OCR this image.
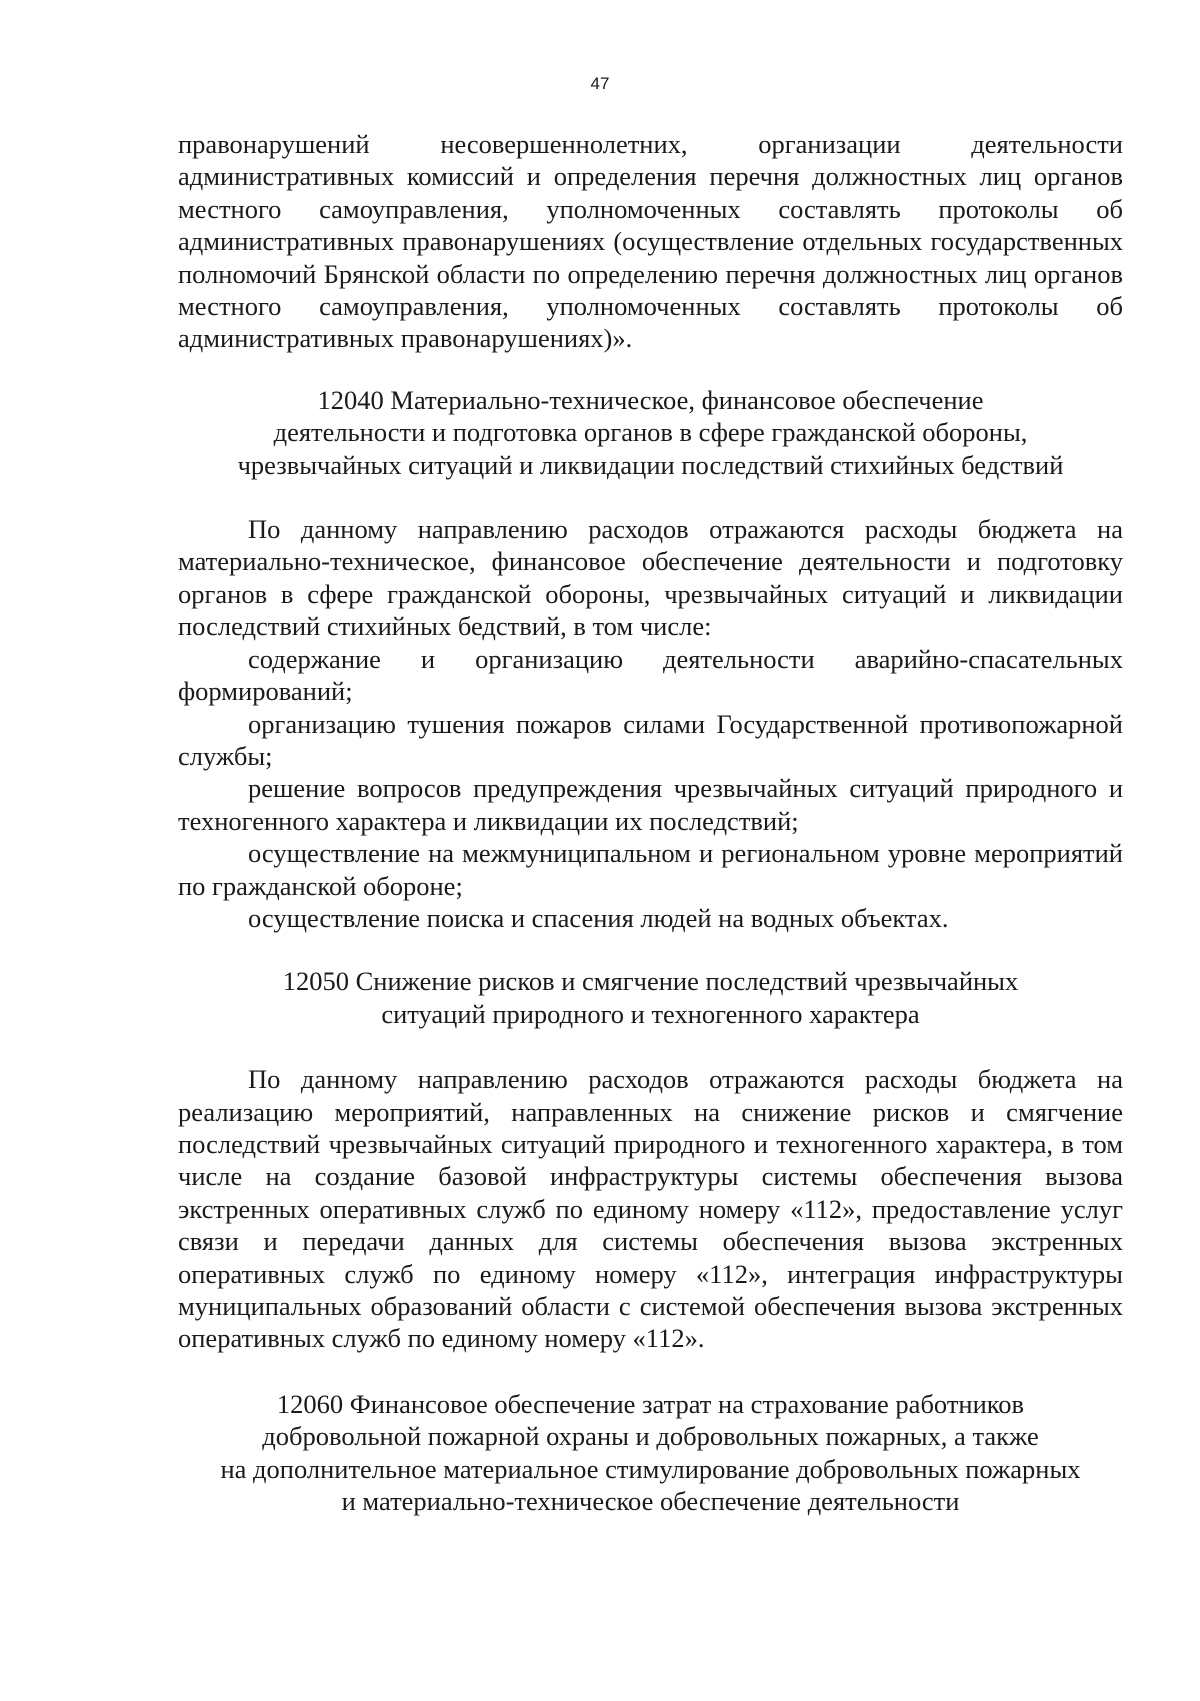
47

правонарушений несовершеннолетних, организации деятельности административных комиссий и определения перечня должностных лиц органов местного самоуправления, уполномоченных составлять протоколы об административных правонарушениях (осуществление отдельных государственных полномочий Брянской области по определению перечня должностных лиц органов местного самоуправления, уполномоченных составлять протоколы об административных правонарушениях)».

12040 Материально-техническое, финансовое обеспечение
деятельности и подготовка органов в сфере гражданской обороны,
чрезвычайных ситуаций и ликвидации последствий стихийных бедствий

По данному направлению расходов отражаются расходы бюджета на материально-техническое, финансовое обеспечение деятельности и подготовку органов в сфере гражданской обороны, чрезвычайных ситуаций и ликвидации последствий стихийных бедствий, в том числе:

содержание и организацию деятельности аварийно-спасательных формирований;

организацию тушения пожаров силами Государственной противопожарной службы;

решение вопросов предупреждения чрезвычайных ситуаций природного и техногенного характера и ликвидации их последствий;

осуществление на межмуниципальном и региональном уровне мероприятий по гражданской обороне;

осуществление поиска и спасения людей на водных объектах.

12050 Снижение рисков и смягчение последствий чрезвычайных
ситуаций природного и техногенного характера

По данному направлению расходов отражаются расходы бюджета на реализацию мероприятий, направленных на снижение рисков и смягчение последствий чрезвычайных ситуаций природного и техногенного характера, в том числе на создание базовой инфраструктуры системы обеспечения вызова экстренных оперативных служб по единому номеру «112», предоставление услуг связи и передачи данных для системы обеспечения вызова экстренных оперативных служб по единому номеру «112», интеграция инфраструктуры муниципальных образований области с системой обеспечения вызова экстренных оперативных служб по единому номеру «112».

12060 Финансовое обеспечение затрат на страхование работников
добровольной пожарной охраны и добровольных пожарных, а также
на дополнительное материальное стимулирование добровольных пожарных
и материально-техническое обеспечение деятельности
